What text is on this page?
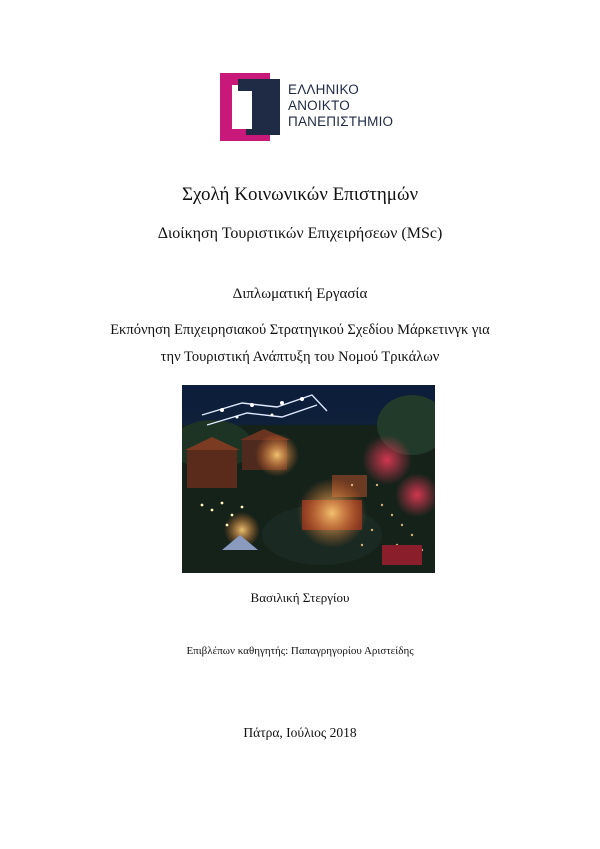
ΕΛΛΗΝΙΚΟ
ΑΝΟΙΚΤΟ
ΠΑΝΕΠΙΣΤΗΜΙΟ
Σχολή Κοινωνικών Επιστημών
Διοίκηση Τουριστικών Επιχειρήσεων (MSc)
Διπλωματική Εργασία
Εκπόνηση Επιχειρησιακού Στρατηγικού Σχεδίου Μάρκετινγκ για
την Τουριστική Ανάπτυξη του Νομού Τρικάλων
Βασιλική Στεργίου
Επιβλέπων καθηγητής: Παπαγρηγορίου Αριστείδης
Πάτρα, Ιούλιος 2018
